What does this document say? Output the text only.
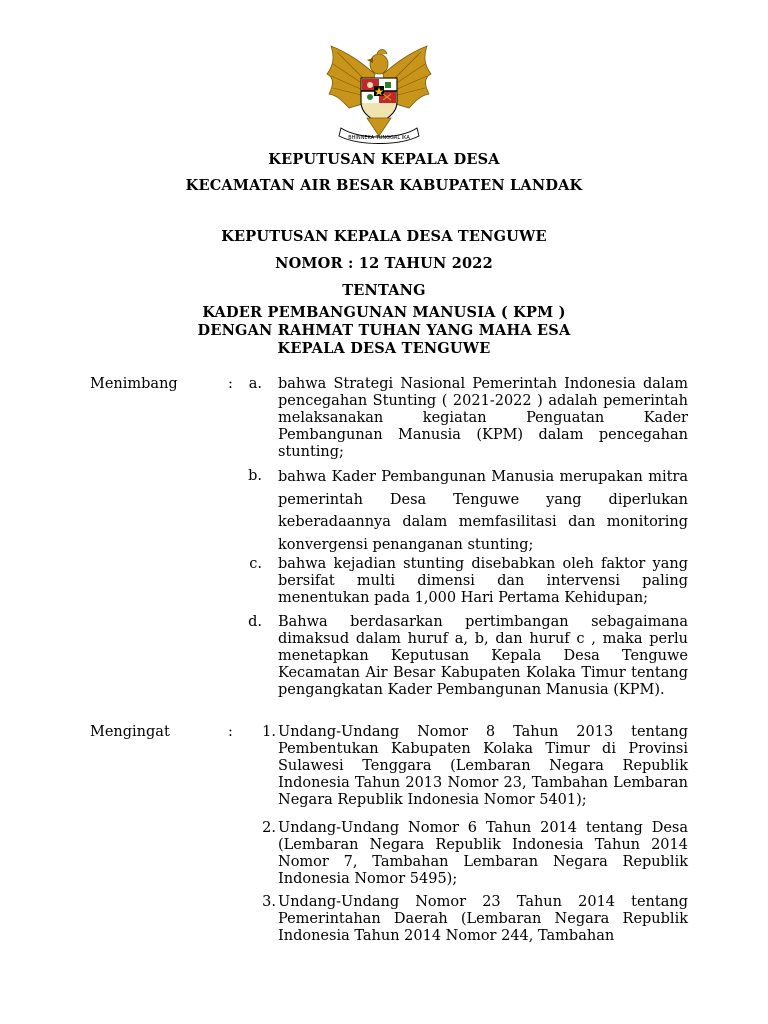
BHINNEKA TUNGGAL IKA
KEPUTUSAN KEPALA DESA
KECAMATAN AIR BESAR KABUPATEN LANDAK
KEPUTUSAN KEPALA DESA TENGUWE
NOMOR : 12 TAHUN 2022
TENTANG
KADER PEMBANGUNAN MANUSIA ( KPM )
DENGAN RAHMAT TUHAN YANG MAHA ESA
KEPALA DESA TENGUWE
Menimbang	:	a. bahwa Strategi Nasional Pemerintah Indonesia dalam pencegahan Stunting ( 2021-2022 ) adalah pemerintah melaksanakan kegiatan Penguatan Kader Pembangunan Manusia (KPM) dalam pencegahan stunting;
b. bahwa Kader Pembangunan Manusia merupakan mitra pemerintah Desa Tenguwe yang diperlukan keberadaannya dalam memfasilitasi dan monitoring konvergensi penanganan stunting;
c. bahwa kejadian stunting disebabkan oleh faktor yang bersifat multi dimensi dan intervensi paling menentukan pada 1,000 Hari Pertama Kehidupan;
d. Bahwa berdasarkan pertimbangan sebagaimana dimaksud dalam huruf a, b, dan huruf c , maka perlu menetapkan Keputusan Kepala Desa Tenguwe Kecamatan Air Besar Kabupaten Kolaka Timur tentang pengangkatan Kader Pembangunan Manusia (KPM).
Mengingat	:	1. Undang-Undang Nomor 8 Tahun 2013 tentang Pembentukan Kabupaten Kolaka Timur di Provinsi Sulawesi Tenggara (Lembaran Negara Republik Indonesia Tahun 2013 Nomor 23, Tambahan Lembaran Negara Republik Indonesia Nomor 5401);
2. Undang-Undang Nomor 6 Tahun 2014 tentang Desa (Lembaran Negara Republik Indonesia Tahun 2014 Nomor 7, Tambahan Lembaran Negara Republik Indonesia Nomor 5495);
3. Undang-Undang Nomor 23 Tahun 2014 tentang Pemerintahan Daerah (Lembaran Negara Republik Indonesia Tahun 2014 Nomor 244, Tambahan
